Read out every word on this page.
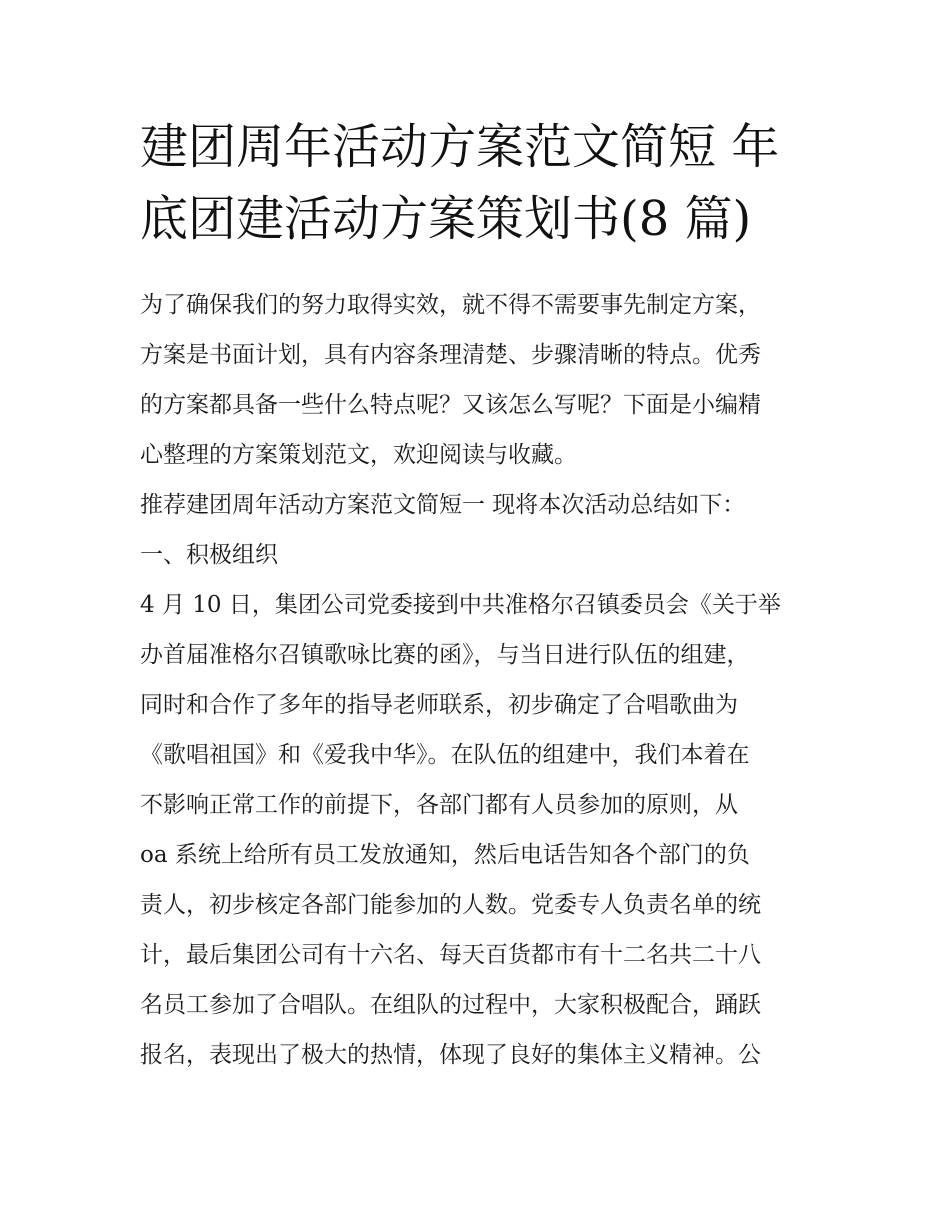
建团周年活动方案范文简短 年
底团建活动方案策划书(8 篇)
为了确保我们的努力取得实效，就不得不需要事先制定方案，
方案是书面计划，具有内容条理清楚、步骤清晰的特点。优秀
的方案都具备一些什么特点呢？又该怎么写呢？下面是小编精
心整理的方案策划范文，欢迎阅读与收藏。
推荐建团周年活动方案范文简短一 现将本次活动总结如下：
一、积极组织
4 月 10 日，集团公司党委接到中共准格尔召镇委员会《关于举
办首届准格尔召镇歌咏比赛的函》，与当日进行队伍的组建，
同时和合作了多年的指导老师联系，初步确定了合唱歌曲为
《歌唱祖国》和《爱我中华》。在队伍的组建中，我们本着在
不影响正常工作的前提下，各部门都有人员参加的原则，从
oa 系统上给所有员工发放通知，然后电话告知各个部门的负
责人，初步核定各部门能参加的人数。党委专人负责名单的统
计，最后集团公司有十六名、每天百货都市有十二名共二十八
名员工参加了合唱队。在组队的过程中，大家积极配合，踊跃
报名，表现出了极大的热情，体现了良好的集体主义精神。公
